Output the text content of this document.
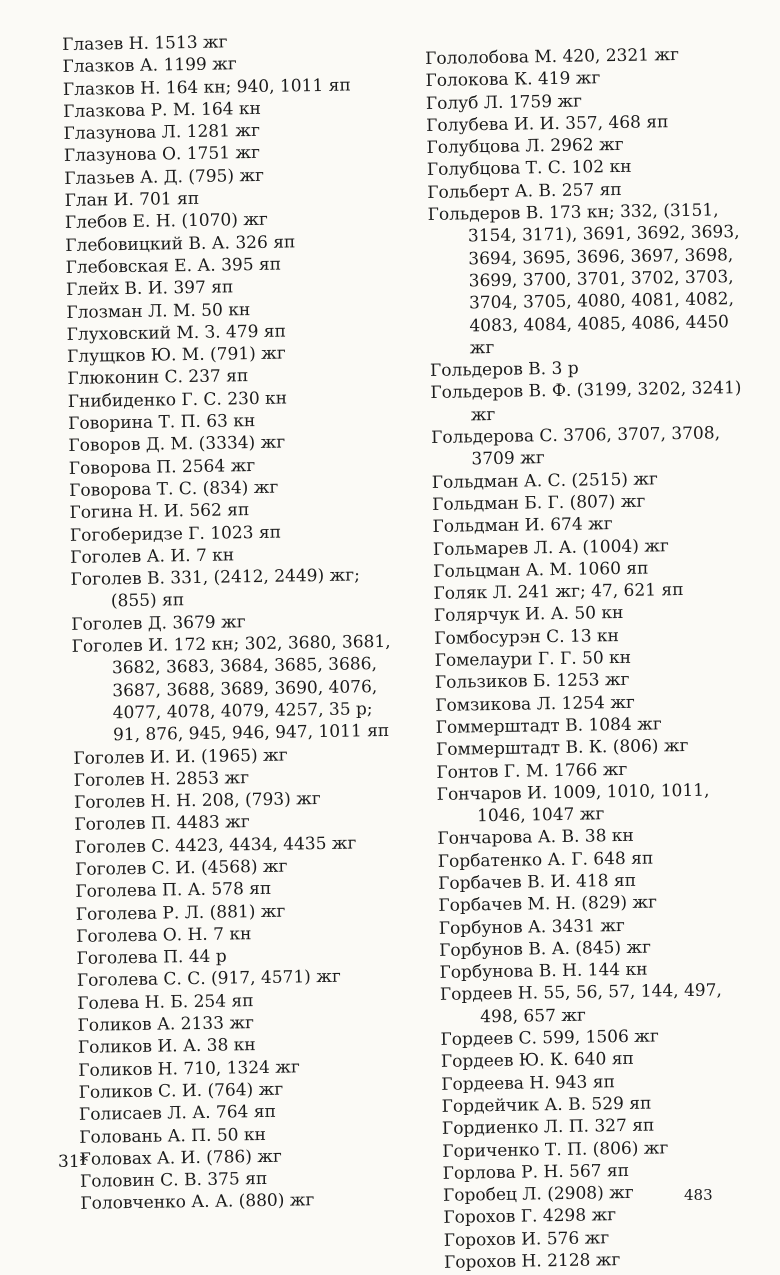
Глазев Н. 1513 жг
Глазков А. 1199 жг
Глазков Н. 164 кн; 940, 1011 яп
Глазкова Р. М. 164 кн
Глазунова Л. 1281 жг
Глазунова О. 1751 жг
Глазьев А. Д. (795) жг
Глан И. 701 яп
Глебов Е. Н. (1070) жг
Глебовицкий В. А. 326 яп
Глебовская Е. А. 395 яп
Глейх В. И. 397 яп
Глозман Л. М. 50 кн
Глуховский М. З. 479 яп
Глущков Ю. М. (791) жг
Глюконин С. 237 яп
Гнибиденко Г. С. 230 кн
Говорина Т. П. 63 кн
Говоров Д. М. (3334) жг
Говорова П. 2564 жг
Говорова Т. С. (834) жг
Гогина Н. И. 562 яп
Гогоберидзе Г. 1023 яп
Гоголев А. И. 7 кн
Гоголев В. 331, (2412, 2449) жг; (855) яп
Гоголев Д. 3679 жг
Гоголев И. 172 кн; 302, 3680, 3681, 3682, 3683, 3684, 3685, 3686, 3687, 3688, 3689, 3690, 4076, 4077, 4078, 4079, 4257, 35 р; 91, 876, 945, 946, 947, 1011 яп
Гоголев И. И. (1965) жг
Гоголев Н. 2853 жг
Гоголев Н. Н. 208, (793) жг
Гоголев П. 4483 жг
Гоголев С. 4423, 4434, 4435 жг
Гоголев С. И. (4568) жг
Гоголева П. А. 578 яп
Гоголева Р. Л. (881) жг
Гоголева О. Н. 7 кн
Гоголева П. 44 р
Гоголева С. С. (917, 4571) жг
Голева Н. Б. 254 яп
Голиков А. 2133 жг
Голиков И. А. 38 кн
Голиков Н. 710, 1324 жг
Голиков С. И. (764) жг
Голисаев Л. А. 764 яп
Головань А. П. 50 кн
Головах А. И. (786) жг
Головин С. В. 375 яп
Головченко А. А. (880) жг
Гололобова М. 420, 2321 жг
Голокова К. 419 жг
Голуб Л. 1759 жг
Голубева И. И. 357, 468 яп
Голубцова Л. 2962 жг
Голубцова Т. С. 102 кн
Гольберт А. В. 257 яп
Гольдеров В. 173 кн; 332, (3151, 3154, 3171), 3691, 3692, 3693, 3694, 3695, 3696, 3697, 3698, 3699, 3700, 3701, 3702, 3703, 3704, 3705, 4080, 4081, 4082, 4083, 4084, 4085, 4086, 4450 жг
Гольдеров В. 3 р
Гольдеров В. Ф. (3199, 3202, 3241) жг
Гольдерова С. 3706, 3707, 3708, 3709 жг
Гольдман А. С. (2515) жг
Гольдман Б. Г. (807) жг
Гольдман И. 674 жг
Гольмарев Л. А. (1004) жг
Гольцман А. М. 1060 яп
Голяк Л. 241 жг; 47, 621 яп
Голярчук И. А. 50 кн
Гомбосурэн С. 13 кн
Гомелаури Г. Г. 50 кн
Гользиков Б. 1253 жг
Гомзикова Л. 1254 жг
Гоммерштадт В. 1084 жг
Гоммерштадт В. К. (806) жг
Гонтов Г. М. 1766 жг
Гончаров И. 1009, 1010, 1011, 1046, 1047 жг
Гончарова А. В. 38 кн
Горбатенко А. Г. 648 яп
Горбачев В. И. 418 яп
Горбачев М. Н. (829) жг
Горбунов А. 3431 жг
Горбунов В. А. (845) жг
Горбунова В. Н. 144 кн
Гордеев Н. 55, 56, 57, 144, 497, 498, 657 жг
Гордеев С. 599, 1506 жг
Гордеев Ю. К. 640 яп
Гордеева Н. 943 яп
Гордейчик А. В. 529 яп
Гордиенко Л. П. 327 яп
Гориченко Т. П. (806) жг
Горлова Р. Н. 567 яп
Горобец Л. (2908) жг
Горохов Г. 4298 жг
Горохов И. 576 жг
Горохов Н. 2128 жг
31*
483
